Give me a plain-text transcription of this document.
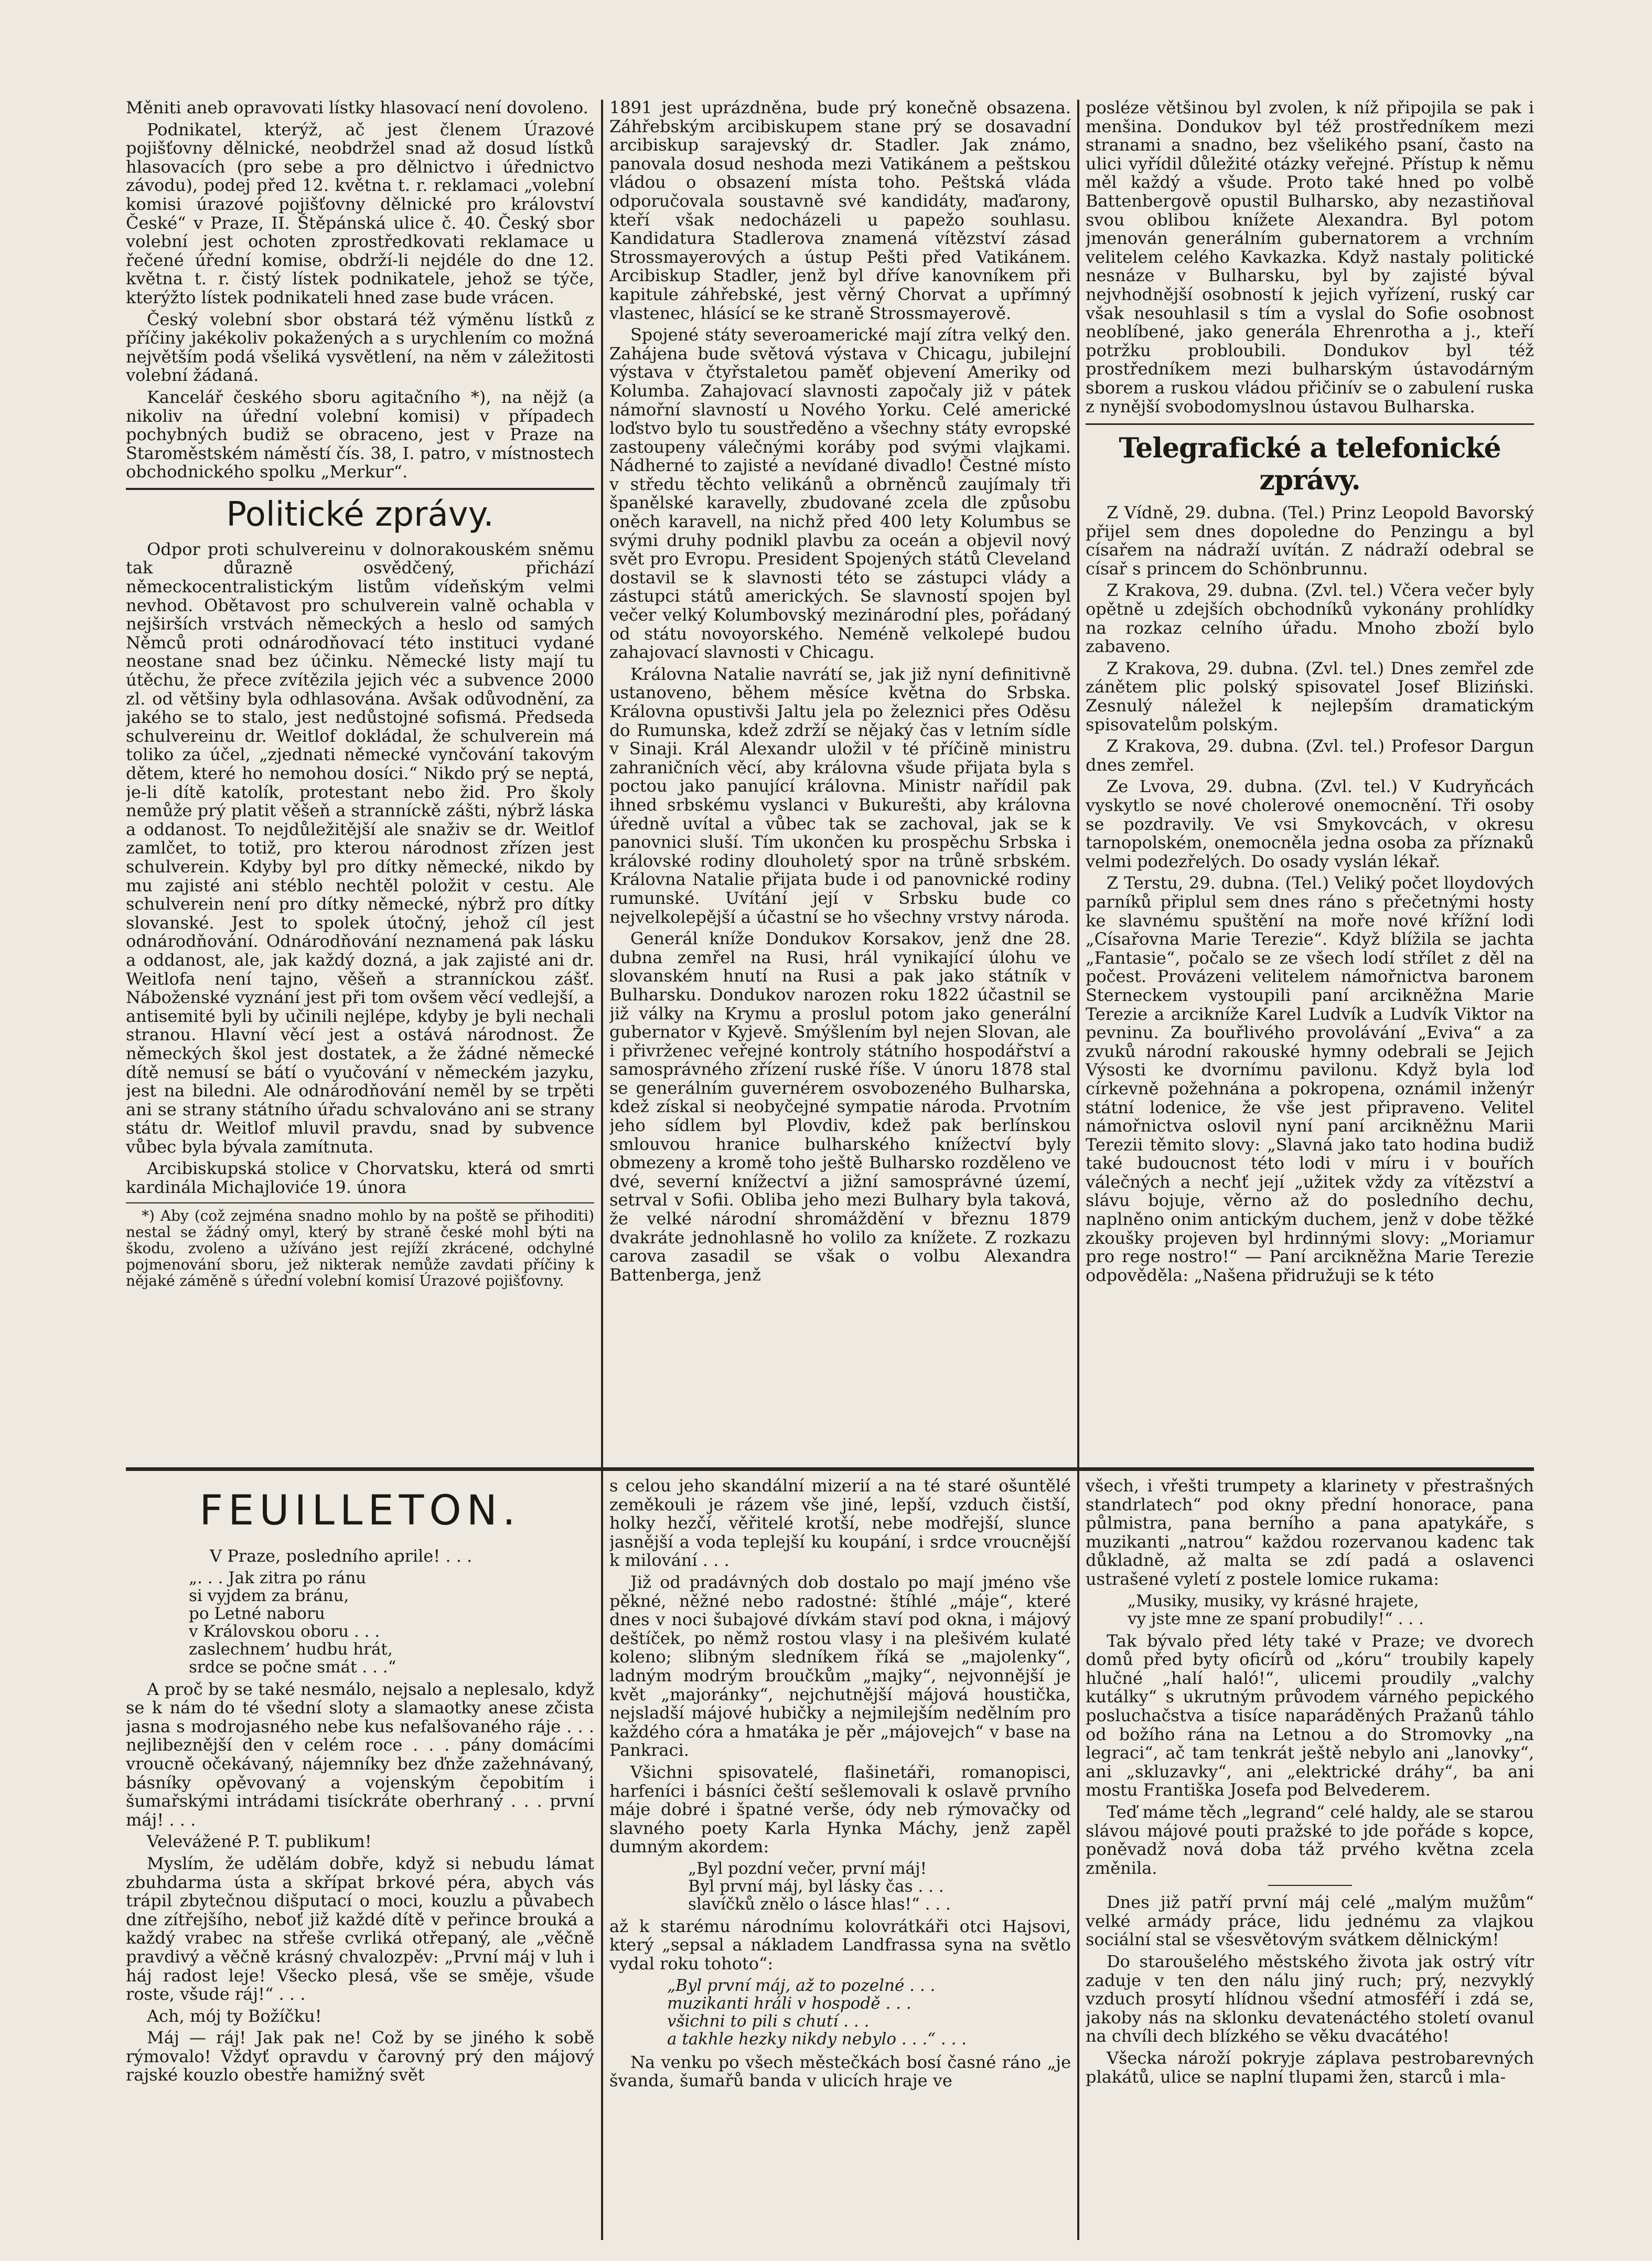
Měniti aneb opravovati lístky hlasovací není dovoleno.

Podnikatel, kterýž, ač jest členem Úrazové pojišťovny dělnické, neobdržel snad až dosud lístků hlasovacích (pro sebe a pro dělnictvo i úřednictvo závodu), podej před 12. května t. r. reklamaci „volební komisi úrazové pojišťovny dělnické pro království České“ v Praze, II. Štěpánská ulice č. 40. Český sbor volební jest ochoten zprostředkovati reklamace u řečené úřední komise, obdrží-li nejdéle do dne 12. května t. r. čistý lístek podnikatele, jehož se týče, kterýžto lístek podnikateli hned zase bude vrácen.

Český volební sbor obstará též výměnu lístků z příčiny jakékoliv pokažených a s urychlením co možná největším podá všeliká vysvětlení, na něm v záležitosti volební žádaná.

Kancelář českého sboru agitačního *), na nějž (a nikoliv na úřední volební komisi) v případech pochybných budiž se obraceno, jest v Praze na Staroměstském náměstí čís. 38, I. patro, v místnostech obchodnického spolku „Merkur“.

Politické zprávy.

Odpor proti schulvereinu v dolnorakouském sněmu tak důrazně osvědčený, přichází německocentralistickým listům vídeňským velmi nevhod. Obětavost pro schulverein valně ochabla v nejširších vrstvách německých a heslo od samých Němců proti odnárodňovací této instituci vydané neostane snad bez účinku. Německé listy mají tu útěchu, že přece zvítězila jejich véc a subvence 2000 zl. od většiny byla odhlasována. Avšak odůvodnění, za jakého se to stalo, jest nedůstojné sofismá. Předseda schulvereinu dr. Weitlof dokládal, že schulverein má toliko za účel, „zjednati německé vynčování takovým dětem, které ho nemohou dosíci.“ Nikdo prý se neptá, je-li dítě katolík, protestant nebo žid. Pro školy nemůže prý platit věšeň a stranníckě zášti, nýbrž láska a oddanost. To nejdůležitější ale snaživ se dr. Weitlof zamlčet, to totiž, pro kterou národnost zřízen jest schulverein. Kdyby byl pro dítky německé, nikdo by mu zajisté ani stéblo nechtěl položit v cestu. Ale schulverein není pro dítky německé, nýbrž pro dítky slovanské. Jest to spolek útočný, jehož cíl jest odnárodňování. Odnárodňování neznamená pak lásku a oddanost, ale, jak každý dozná, a jak zajisté ani dr. Weitlofa není tajno, věšeň a stranníckou zášť. Náboženské vyznání jest při tom ovšem věcí vedlejší, a antisemité byli by učinili nejlépe, kdyby je byli nechali stranou. Hlavní věcí jest a ostává národnost. Že německých škol jest dostatek, a že žádné německé dítě nemusí se bátí o vyučování v německém jazyku, jest na biledni. Ale odnárodňování neměl by se trpěti ani se strany státního úřadu schvalováno ani se strany státu dr. Weitlof mluvil pravdu, snad by subvence vůbec byla bývala zamítnuta.

Arcibiskupská stolice v Chorvatsku, která od smrti kardinála Michajloviće 19. února

*) Aby (což zejména snadno mohlo by na poště se přihoditi) nestal se žádný omyl, který by straně české mohl býti na škodu, zvoleno a užíváno jest rejíží zkrácené, odchylné pojmenování sboru, jež nikterak nemůže zavdati příčiny k nějaké záměně s úřední volební komisí Úrazové pojišťovny.

FEUILLETON.

V Praze, posledního aprile! . . .

„. . . Jak zitra po ránu
si vyjdem za bránu,
po Letné naboru
v Královskou oboru . . .
zaslechnem’ hudbu hrát,
srdce se počne smát . . .“

A proč by se také nesmálo, nejsalo a neplesalo, když se k nám do té všední sloty a slamaotky anese zčista jasna s modrojasného nebe kus nefalšovaného ráje . . . nejlibeznější den v celém roce . . . pány domácími vroucně očekávaný, nájemníky bez ďnže zažehnávaný, básníky opěvovaný a vojenským čepobitím i šumařskými intrádami tisíckráte oberhraný . . . první máj! . . .

Velevážené P. T. publikum!

Myslím, že udělám dobře, když si nebudu lámat zbuhdarma ústa a skřípat brkové péra, abych vás trápil zbytečnou dišputací o moci, kouzlu a půvabech dne zítřejšího, neboť již každé dítě v peřince brouká a každý vrabec na střeše cvrliká otřepaný, ale „věčně pravdivý a věčně krásný chvalozpěv: „První máj v luh i háj radost leje! Všecko plesá, vše se směje, všude roste, všude ráj!“ . . .

Ach, mój ty Božíčku!

Máj — ráj! Jak pak ne! Což by se jiného k sobě rýmovalo! Vždyť opravdu v čarovný prý den májový rajské kouzlo obestře hamižný svět

1891 jest uprázdněna, bude prý konečně obsazena. Záhřebským arcibiskupem stane prý se dosavadní arcibiskup sarajevský dr. Stadler. Jak známo, panovala dosud neshoda mezi Vatikánem a peštskou vládou o obsazení místa toho. Peštská vláda odporučovala soustavně své kandidáty, maďarony, kteří však nedocházeli u papežo souhlasu. Kandidatura Stadlerova znamená vítězství zásad Strossmayerových a ústup Pešti před Vatikánem. Arcibiskup Stadler, jenž byl dříve kanovníkem při kapitule záhřebské, jest věrný Chorvat a upřímný vlastenec, hlásící se ke straně Strossmayerově.

Spojené státy severoamerické mají zítra velký den. Zahájena bude světová výstava v Chicagu, jubilejní výstava v čtyřstaletou paměť objevení Ameriky od Kolumba. Zahajovací slavnosti započaly již v pátek námořní slavností u Nového Yorku. Celé americké loďstvo bylo tu soustředěno a všechny státy evropské zastoupeny válečnými koráby pod svými vlajkami. Nádherné to zajisté a nevídané divadlo! Čestné místo v středu těchto velikánů a obrněnců zaujímaly tři španělské karavelly, zbudované zcela dle způsobu oněch karavell, na nichž před 400 lety Kolumbus se svými druhy podnikl plavbu za oceán a objevil nový svět pro Evropu. President Spojených států Cleveland dostavil se k slavnosti této se zástupci vlády a zástupci států amerických. Se slavností spojen byl večer velký Kolumbovský mezinárodní ples, pořádaný od státu novoyorského. Neméně velkolepé budou zahajovací slavnosti v Chicagu.

Královna Natalie navrátí se, jak již nyní definitivně ustanoveno, během měsíce května do Srbska. Královna opustivši Jaltu jela po železnici přes Oděsu do Rumunska, kdež zdrží se nějaký čas v letním sídle v Sinaji. Král Alexandr uložil v té příčině ministru zahraničních věcí, aby královna všude přijata byla s poctou jako panující královna. Ministr nařídil pak ihned srbskému vyslanci v Bukurešti, aby královna úředně uvítal a vůbec tak se zachoval, jak se k panovnici sluší. Tím ukončen ku prospěchu Srbska i královské rodiny dlouholetý spor na trůně srbském. Královna Natalie přijata bude i od panovnické rodiny rumunské. Uvítání její v Srbsku bude co nejvelkolepější a účastní se ho všechny vrstvy národa.

Generál kníže Dondukov Korsakov, jenž dne 28. dubna zemřel na Rusi, hrál vynikající úlohu ve slovanském hnutí na Rusi a pak jako státník v Bulharsku. Dondukov narozen roku 1822 účastnil se již války na Krymu a proslul potom jako generální gubernator v Kyjevě. Smýšlením byl nejen Slovan, ale i přivrženec veřejné kontroly státního hospodářství a samosprávného zřízení ruské říše. V únoru 1878 stal se generálním guvernérem osvobozeného Bulharska, kdež získal si neobyčejné sympatie národa. Prvotním jeho sídlem byl Plovdiv, kdež pak berlínskou smlouvou hranice bulharského knížectví byly obmezeny a kromě toho ještě Bulharsko rozděleno ve dvé, severní knížectví a jižní samosprávné území, setrval v Sofii. Obliba jeho mezi Bulhary byla taková, že velké národní shromáždění v březnu 1879 dvakráte jednohlasně ho volilo za knížete. Z rozkazu carova zasadil se však o volbu Alexandra Battenberga, jenž

s celou jeho skandální mizerií a na té staré ošuntělé zeměkouli je rázem vše jiné, lepší, vzduch čistší, holky hezčí, věřitelé krotší, nebe modřejší, slunce jasnější a voda teplejší ku koupání, i srdce vroucnější k milování . . .

Již od pradávných dob dostalo po mají jméno vše pěkné, něžné nebo radostné: štíhlé „máje“, které dnes v noci šubajové dívkám staví pod okna, i májový deštíček, po němž rostou vlasy i na plešivém kulaté koleno; slibným sledníkem říká se „majolenky“, ladným modrým broučkům „majky“, nejvonnější je květ „majoránky“, nejchutnější májová houstička, nejsladší májové hubičky a nejmilejším nedělním pro každého córa a hmatáka je pěr „májovejch“ v base na Pankraci.

Všichni spisovatelé, flašinetáři, romanopisci, harfeníci i básníci čeští sešlemovali k oslavě prvního máje dobré i špatné verše, ódy neb rýmovačky od slavného poety Karla Hynka Máchy, jenž zapěl dumným akordem:

„Byl pozdní večer, první máj!
Byl první máj, byl lásky čas . . .
slavíčků znělo o lásce hlas!“ . . .

až k starému národnímu kolovrátkáři otci Hajsovi, který „sepsal a nákladem Landfrassa syna na světlo vydal roku tohoto“:

„Byl první máj, až to pozelné . . .
muzikanti hráli v hospodě . . .
všichni to pili s chutí . . .
a takhle hezky nikdy nebylo . . .“ . . .

Na venku po všech městečkách bosí časné ráno „je švanda, šumařů banda v ulicích hraje ve

posléze většinou byl zvolen, k níž připojila se pak i menšina. Dondukov byl též prostředníkem mezi stranami a snadno, bez všelikého psaní, často na ulici vyřídil důležité otázky veřejné. Přístup k němu měl každý a všude. Proto také hned po volbě Battenbergově opustil Bulharsko, aby nezastiňoval svou oblibou knížete Alexandra. Byl potom jmenován generálním gubernatorem a vrchním velitelem celého Kavkazka. Když nastaly politické nesnáze v Bulharsku, byl by zajisté býval nejvhodnější osobností k jejich vyřízení, ruský car však nesouhlasil s tím a vyslal do Sofie osobnost neoblíbené, jako generála Ehrenrotha a j., kteří potržku probloubili. Dondukov byl též prostředníkem mezi bulharským ústavodárným sborem a ruskou vládou přičinív se o zabulení ruska z nynější svobodomyslnou ústavou Bulharska.

Telegrafické a telefonické zprávy.

Z Vídně, 29. dubna. (Tel.) Prinz Leopold Bavorský přijel sem dnes dopoledne do Penzingu a byl císařem na nádraží uvítán. Z nádraží odebral se císař s princem do Schönbrunnu.

Z Krakova, 29. dubna. (Zvl. tel.) Včera večer byly opětně u zdejších obchodníků vykonány prohlídky na rozkaz celního úřadu. Mnoho zboží bylo zabaveno.

Z Krakova, 29. dubna. (Zvl. tel.) Dnes zemřel zde zánětem plic polský spisovatel Josef Bliziński. Zesnulý náležel k nejlepším dramatickým spisovatelům polským.

Z Krakova, 29. dubna. (Zvl. tel.) Profesor Dargun dnes zemřel.

Ze Lvova, 29. dubna. (Zvl. tel.) V Kudryňcách vyskytlo se nové cholerové onemocnění. Tři osoby se pozdravily. Ve vsi Smykovcách, v okresu tarnopolském, onemocněla jedna osoba za příznaků velmi podezřelých. Do osady vyslán lékař.

Z Terstu, 29. dubna. (Tel.) Veliký počet lloydových parníků připlul sem dnes ráno s přečetnými hosty ke slavnému spuštění na moře nové křížní lodi „Císařovna Marie Terezie“. Když blížila se jachta „Fantasie“, počalo se ze všech lodí střílet z děl na počest. Provázeni velitelem námořnictva baronem Sterneckem vystoupili paní arcikněžna Marie Terezie a arcikníže Karel Ludvík a Ludvík Viktor na pevninu. Za bouřlivého provolávání „Eviva“ a za zvuků národní rakouské hymny odebrali se Jejich Výsosti ke dvornímu pavilonu. Když byla loď církevně požehnána a pokropena, oznámil inženýr státní lodenice, že vše jest připraveno. Velitel námořnictva oslovil nyní paní arcikněžnu Marii Terezii těmito slovy: „Slavná jako tato hodina budiž také budoucnost této lodi v míru i v bouřích válečných a nechť její „užitek vždy za vítězství a slávu bojuje, věrno až do posledního dechu, naplněno onim antickým duchem, jenž v dobe těžké zkoušky projeven byl hrdinnými slovy: „Moriamur pro rege nostro!“ — Paní arcikněžna Marie Terezie odpověděla: „Našena přidružuji se k této

všech, i vřešti trumpety a klarinety v přestrašných standrlatech“ pod okny přední honorace, pana půlmistra, pana berního a pana apatykáře, s muzikanti „natrou“ každou rozervanou kadenc tak důkladně, až malta se zdí padá a oslavenci ustrašené vyletí z postele lomice rukama:

„Musiky, musiky, vy krásné hrajete,
vy jste mne ze spaní probudily!“ . . .

Tak bývalo před léty také v Praze; ve dvorech domů před byty oficírů od „kóru“ troubily kapely hlučné „halí haló!“, ulicemi proudily „valchy kutálky“ s ukrutným průvodem várného pepického posluchačstva a tisíce naparáděných Pražanů táhlo od božího rána na Letnou a do Stromovky „na legraci“, ač tam tenkrát ještě nebylo ani „lanovky“, ani „skluzavky“, ani „elektrické dráhy“, ba ani mostu Františka Josefa pod Belvederem.

Teď máme těch „legrand“ celé haldy, ale se starou slávou májové pouti pražské to jde pořáde s kopce, poněvadž nová doba táž prvého května zcela změnila.

Dnes již patří první máj celé „malým mužům“ velké armády práce, lidu jednému za vlajkou sociální stal se všesvětovým svátkem dělnickým!

Do staroušelého městského života jak ostrý vítr zaduje v ten den nálu jiný ruch; prý, nezvyklý vzduch prosytí hlídnou všední atmosféří i zdá se, jakoby nás na sklonku devatenáctého století ovanul na chvíli dech blízkého se věku dvacátého!

Všecka nároží pokryje záplava pestrobarevných plakátů, ulice se naplní tlupami žen, starců i mla-
